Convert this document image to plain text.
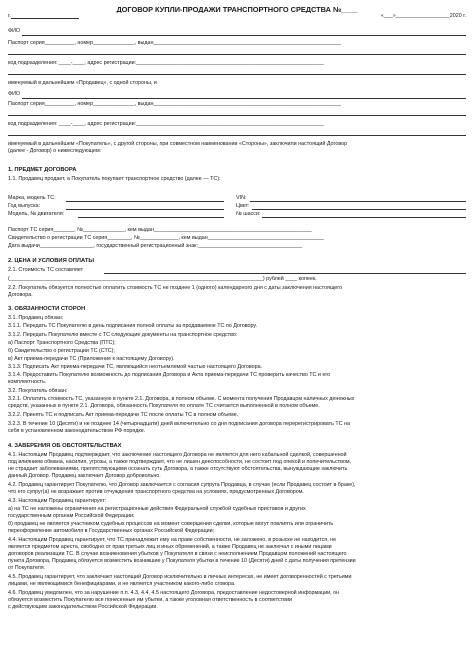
г.
ДОГОВОР КУПЛИ-ПРОДАЖИ ТРАНСПОРТНОГО СРЕДСТВА №____
«___»__________________2020 г.
ФИО
Паспорт серия__________, номер______________, выдан_______________________________________________________________
код подразделения: ____-____, адрес регистрации:_______________________________________________________________
именуемый в дальнейшем «Продавец», с одной стороны, и
ФИО
Паспорт серия__________, номер______________, выдан_______________________________________________________________
код подразделения: ____-____, адрес регистрации:_______________________________________________________________
именуемый в дальнейшем «Покупатель», с другой стороны, при совместном наименовании «Стороны», заключили настоящий Договор
(далее - Договор) о нижеследующем:
1. ПРЕДМЕТ ДОГОВОРА
1.1. Продавец продает, а Покупатель покупает транспортное средство (далее — ТС):
Марка, модель ТС:	VIN:
Год выпуска:	Цвет:
Модель, № двигателя:	№ шасси:
Паспорт ТС серия_______, №______________, кем выдан_____________________________________________________
Свидетельство о регистрации ТС серия________, №_____________, кем выдан_______________________________________
Дата выдачи__________________, государственный регистрационный знак:___________________________________
2. ЦЕНА И УСЛОВИЯ ОПЛАТЫ
2.1. Стоимость ТС составляет
(_____________________________________________________________________________________) рублей ____ копеек.
2.2. Покупатель обязуется полностью оплатить стоимость ТС не позднее 1 (одного) календарного дня с даты заключения настоящего
Договора.
3. ОБЯЗАННОСТИ СТОРОН
3.1. Продавец обязан:
3.1.1. Передать ТС Покупателю в день подписания полной оплаты за продаваемое ТС по Договору.
3.1.2. Передать Покупателю вместе с ТС следующие документы на транспортное средство:
а) Паспорт Транспортного Средства (ПТС);
б) Свидетельство о регистрации ТС (СТС);
в) Акт приема-передачи ТС (Приложение к настоящему Договору).
3.1.3. Подписать Акт приема-передачи ТС, являющийся неотъемлемой частью настоящего Договора.
3.1.4. Предоставить Покупателю возможность до подписания Договора и Акта приема-передачи ТС проверить качество ТС и его
комплектность.
3.2. Покупатель обязан:
3.2.1. Оплатить стоимость ТС, указанную в пункте 2.1. Договора, в полном объеме. С момента получения Продавцом наличных денежных
средств, указанных в пункте 2.1. Договора, обязанность Покупателя по оплате ТС считается выполненной в полном объеме.
3.2.2. Принять ТС и подписать Акт приема-передачи ТС после оплаты ТС в полном объеме.
3.2.3. В течение 10 (Десяти) и не позднее 14 (четырнадцати) дней включительно со дня подписания договора перерегистрировать ТС на
себя в установленном законодательством РФ порядке.
4. ЗАВЕРЕНИЯ ОБ ОБСТОЯТЕЛЬСТВАХ
4.1. Настоящим Продавец подтверждает, что заключение настоящего Договора не является для него кабальной сделкой, совершенной
под влиянием обмана, насилия, угрозы, а также подтверждает, что не лишен дееспособности, не состоит под опекой и попечительством,
не страдает заболеваниями, препятствующими осознать суть Договора, а также отсутствуют обстоятельства, вынуждающие заключить
данный Договор. Продавец заключает Договор добровольно.
4.2. Продавец гарантирует Покупателю, что Договор заключается с согласия супруга Продавца, в случае (если Продавец состоит в браке),
что его супруг(а) не возражает против отчуждения транспортного средства на условиях, предусмотренных Договором.
4.3. Настоящим Продавец гарантирует:
а) на ТС не наложены ограничения на регистрационные действия Федеральной службой судебных приставов и других
государственным органам Российской Федерации;
б) продавец не является участником судебных процессов на момент совершения сделки, которые могут повлиять или ограничить
переоформление автомобиля в Государственных органах Российской Федерации;
4.4. Настоящим Продавец гарантирует, что ТС принадлежит ему на праве собственности, не заложено, в розыске не находится, не
является предметом ареста, свободно от прав третьих лиц и иных обременений, а также Продавец не заключал с иными лицами
договоров реализации ТС. В случае возникновения убытков у Покупателя в связи с неисполнением Продавцом положений настоящего
пункта Договора, Продавец обязуется возместить возникшие у Покупателя убытки в течение 10 (Десяти) дней с даты получения претензии
от Покупателя.
4.5. Продавец гарантирует, что заключает настоящий Договор исключительно в личных интересах, не имеет договоренностей с третьими
лицами, не являющимися бенефициарами, и не является участником какого-либо сговора.
4.6. Продавец уведомлен, что за нарушение п.п. 4.3, 4.4, 4.5 настоящего Договора, предоставление недостоверной информации, он
обязуется возместить Покупателю все понесенные им убытки, а также уголовная ответственность в соответствии
с действующим законодательством Российской Федерации.
